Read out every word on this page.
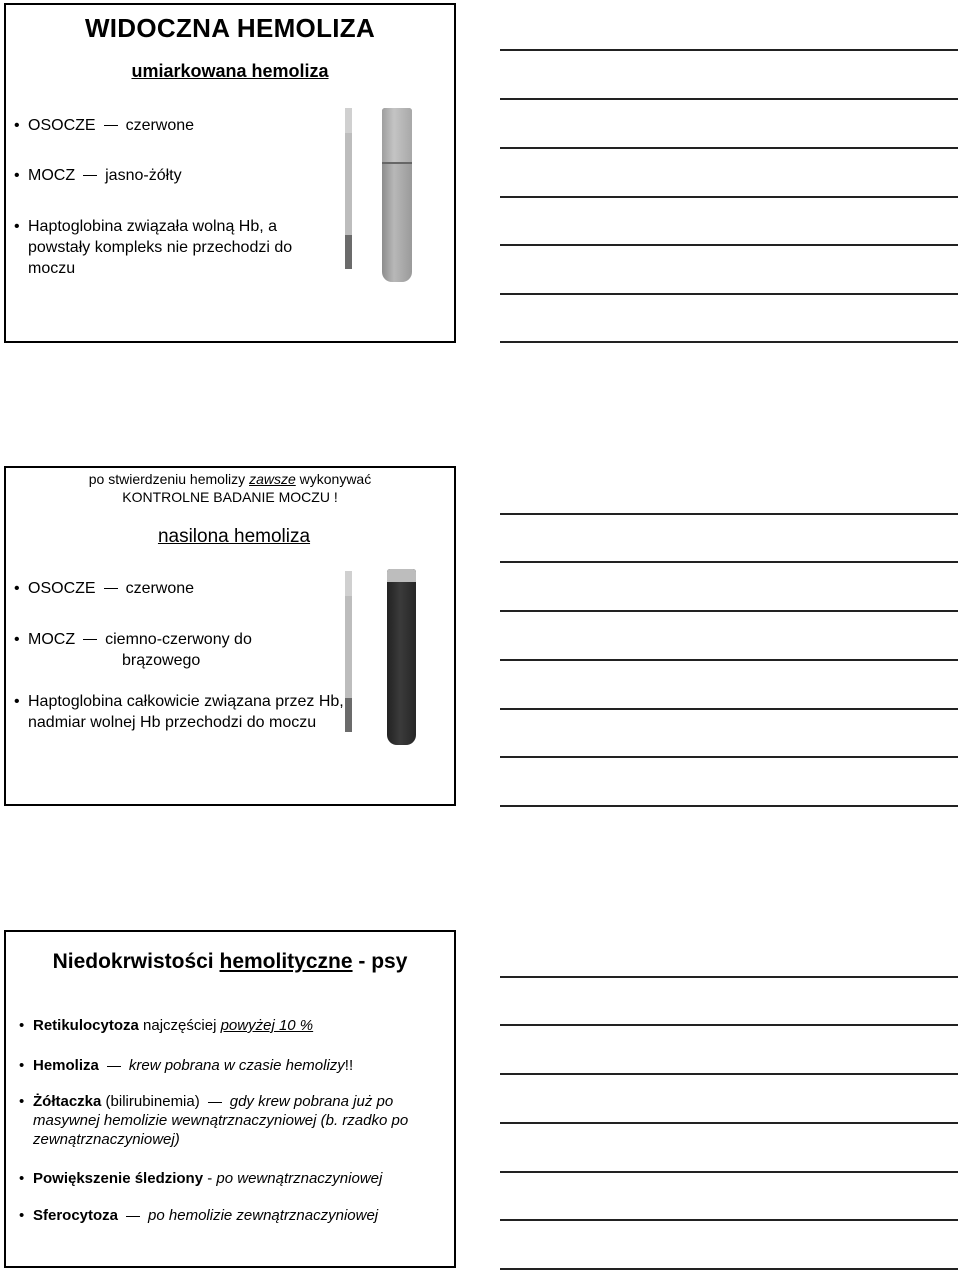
WIDOCZNA HEMOLIZA
umiarkowana hemoliza
• OSOCZE czerwone
• MOCZ jasno-żółty
• Haptoglobina związała wolną Hb, a powstały kompleks nie przechodzi do moczu
po stwierdzeniu hemolizy zawsze wykonywać
KONTROLNE BADANIE MOCZU !
nasilona hemoliza
• OSOCZE czerwone
• MOCZ ciemno-czerwony do
brązowego
• Haptoglobina całkowicie związana przez Hb, nadmiar wolnej Hb przechodzi do moczu
Niedokrwistości hemolityczne - psy
• Retikulocytoza najczęściej powyżej 10 %
• Hemoliza krew pobrana w czasie hemolizy!!
• Żółtaczka (bilirubinemia) gdy krew pobrana już po masywnej hemolizie wewnątrznaczyniowej (b. rzadko po zewnątrznaczyniowej)
• Powiększenie śledziony - po wewnątrznaczyniowej
• Sferocytoza po hemolizie zewnątrznaczyniowej
